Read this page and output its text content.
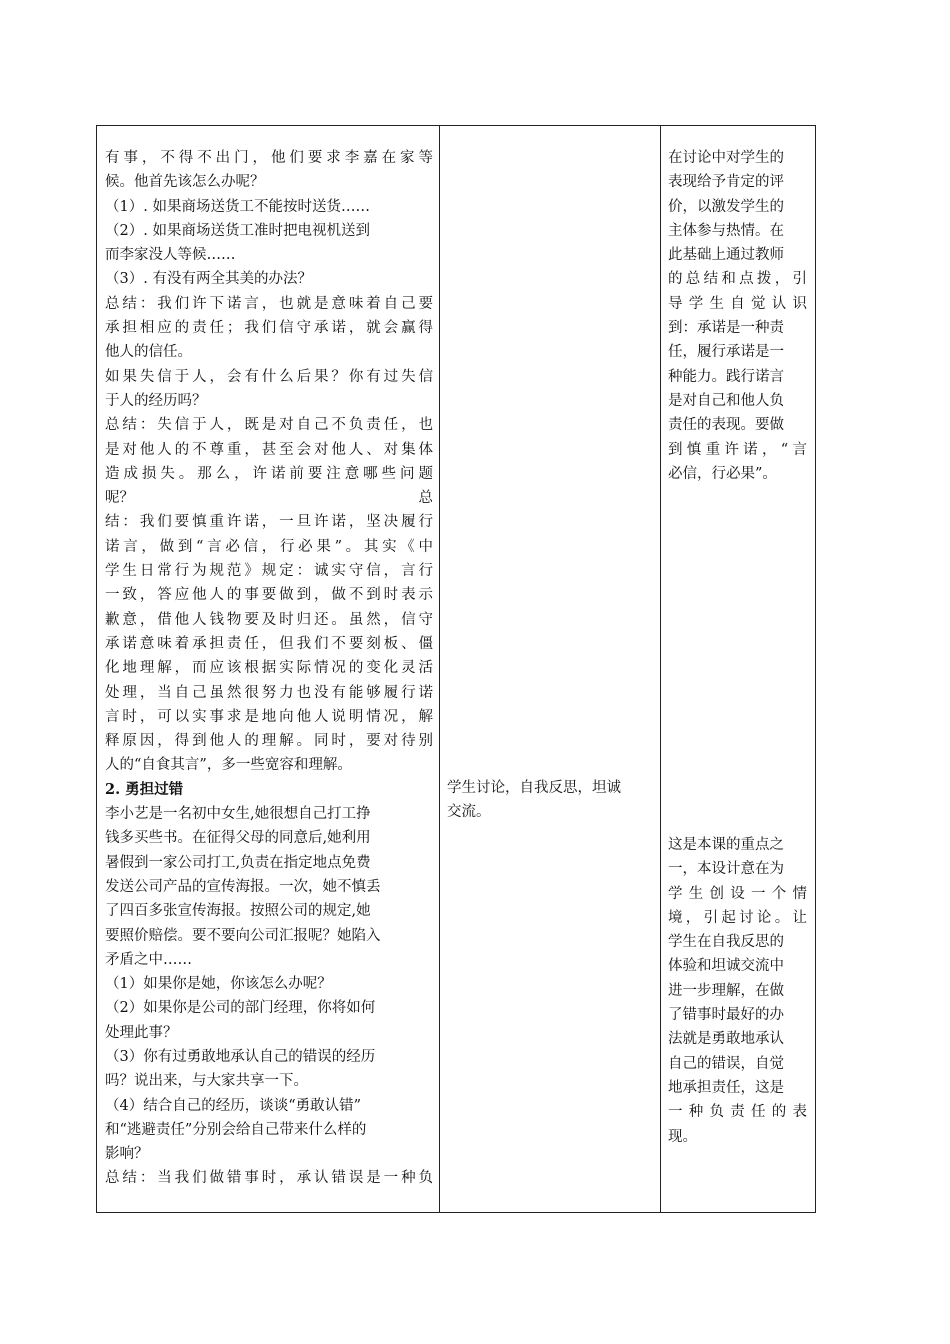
有事，不得不出门，他们要求李嘉在家等
候。他首先该怎么办呢？
（1）. 如果商场送货工不能按时送货……
（2）. 如果商场送货工准时把电视机送到
而李家没人等候……
（3）. 有没有两全其美的办法？
总结：我们许下诺言，也就是意味着自己要
承担相应的责任；我们信守承诺，就会赢得
他人的信任。
如果失信于人，会有什么后果？你有过失信
于人的经历吗？
总结：失信于人，既是对自己不负责任，也
是对他人的不尊重，甚至会对他人、对集体
造成损失。那么，许诺前要注意哪些问题
呢？	总
结：我们要慎重许诺，一旦许诺，坚决履行
诺言，做到“言必信，行必果”。其实《中
学生日常行为规范》规定：诚实守信，言行
一致，答应他人的事要做到，做不到时表示
歉意，借他人钱物要及时归还。虽然，信守
承诺意味着承担责任，但我们不要刻板、僵
化地理解，而应该根据实际情况的变化灵活
处理，当自己虽然很努力也没有能够履行诺
言时，可以实事求是地向他人说明情况，解
释原因，得到他人的理解。同时，要对待别
人的“自食其言”，多一些宽容和理解。
2. 勇担过错
李小艺是一名初中女生,她很想自己打工挣
钱多买些书。在征得父母的同意后,她利用
暑假到一家公司打工,负责在指定地点免费
发送公司产品的宣传海报。一次，她不慎丢
了四百多张宣传海报。按照公司的规定,她
要照价赔偿。要不要向公司汇报呢？她陷入
矛盾之中……
（1）如果你是她，你该怎么办呢？
（2）如果你是公司的部门经理，你将如何
处理此事？
（3）你有过勇敢地承认自己的错误的经历
吗？说出来，与大家共享一下。
（4）结合自己的经历，谈谈“勇敢认错”
和“逃避责任”分别会给自己带来什么样的
影响？
总结：当我们做错事时，承认错误是一种负
学生讨论，自我反思，坦诚
交流。
在讨论中对学生的
表现给予肯定的评
价，以激发学生的
主体参与热情。在
此基础上通过教师
的总结和点拨，引
导学生自觉认识
到：承诺是一种责
任，履行承诺是一
种能力。践行诺言
是对自己和他人负
责任的表现。要做
到慎重许诺，“言
必信，行必果”。
这是本课的重点之
一，本设计意在为
学生创设一个情
境，引起讨论。让
学生在自我反思的
体验和坦诚交流中
进一步理解，在做
了错事时最好的办
法就是勇敢地承认
自己的错误，自觉
地承担责任，这是
一种负责任的表
现。
